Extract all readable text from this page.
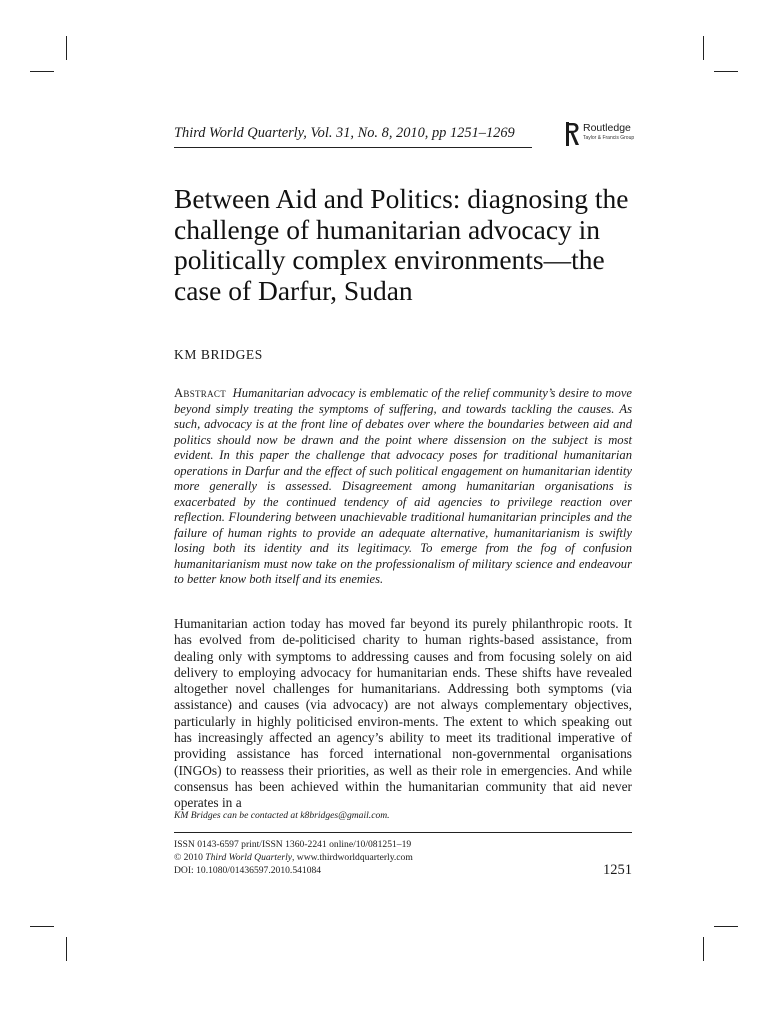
Third World Quarterly, Vol. 31, No. 8, 2010, pp 1251–1269	Routledge
Taylor & Francis Group
Between Aid and Politics: diagnosing the challenge of humanitarian advocacy in politically complex environments—the case of Darfur, Sudan
KM BRIDGES

Abstract Humanitarian advocacy is emblematic of the relief community’s desire to move beyond simply treating the symptoms of suffering, and towards tackling the causes. As such, advocacy is at the front line of debates over where the boundaries between aid and politics should now be drawn and the point where dissension on the subject is most evident. In this paper the challenge that advocacy poses for traditional humanitarian operations in Darfur and the effect of such political engagement on humanitarian identity more generally is assessed. Disagreement among humanitarian organisations is exacerbated by the continued tendency of aid agencies to privilege reaction over reflection. Floundering between unachievable traditional humanitarian principles and the failure of human rights to provide an adequate alternative, humanitarianism is swiftly losing both its identity and its legitimacy. To emerge from the fog of confusion humanitarianism must now take on the professionalism of military science and endeavour to better know both itself and its enemies.

Humanitarian action today has moved far beyond its purely philanthropic roots. It has evolved from de-politicised charity to human rights-based assistance, from dealing only with symptoms to addressing causes and from focusing solely on aid delivery to employing advocacy for humanitarian ends. These shifts have revealed altogether novel challenges for humanitarians. Addressing both symptoms (via assistance) and causes (via advocacy) are not always complementary objectives, particularly in highly politicised environ-ments. The extent to which speaking out has increasingly affected an agency’s ability to meet its traditional imperative of providing assistance has forced international non-governmental organisations (INGOs) to reassess their priorities, as well as their role in emergencies. And while consensus has been achieved within the humanitarian community that aid never operates in a

KM Bridges can be contacted at k8bridges@gmail.com.
ISSN 0143-6597 print/ISSN 1360-2241 online/10/081251–19
© 2010 Third World Quarterly, www.thirdworldquarterly.com
DOI: 10.1080/01436597.2010.541084	1251
